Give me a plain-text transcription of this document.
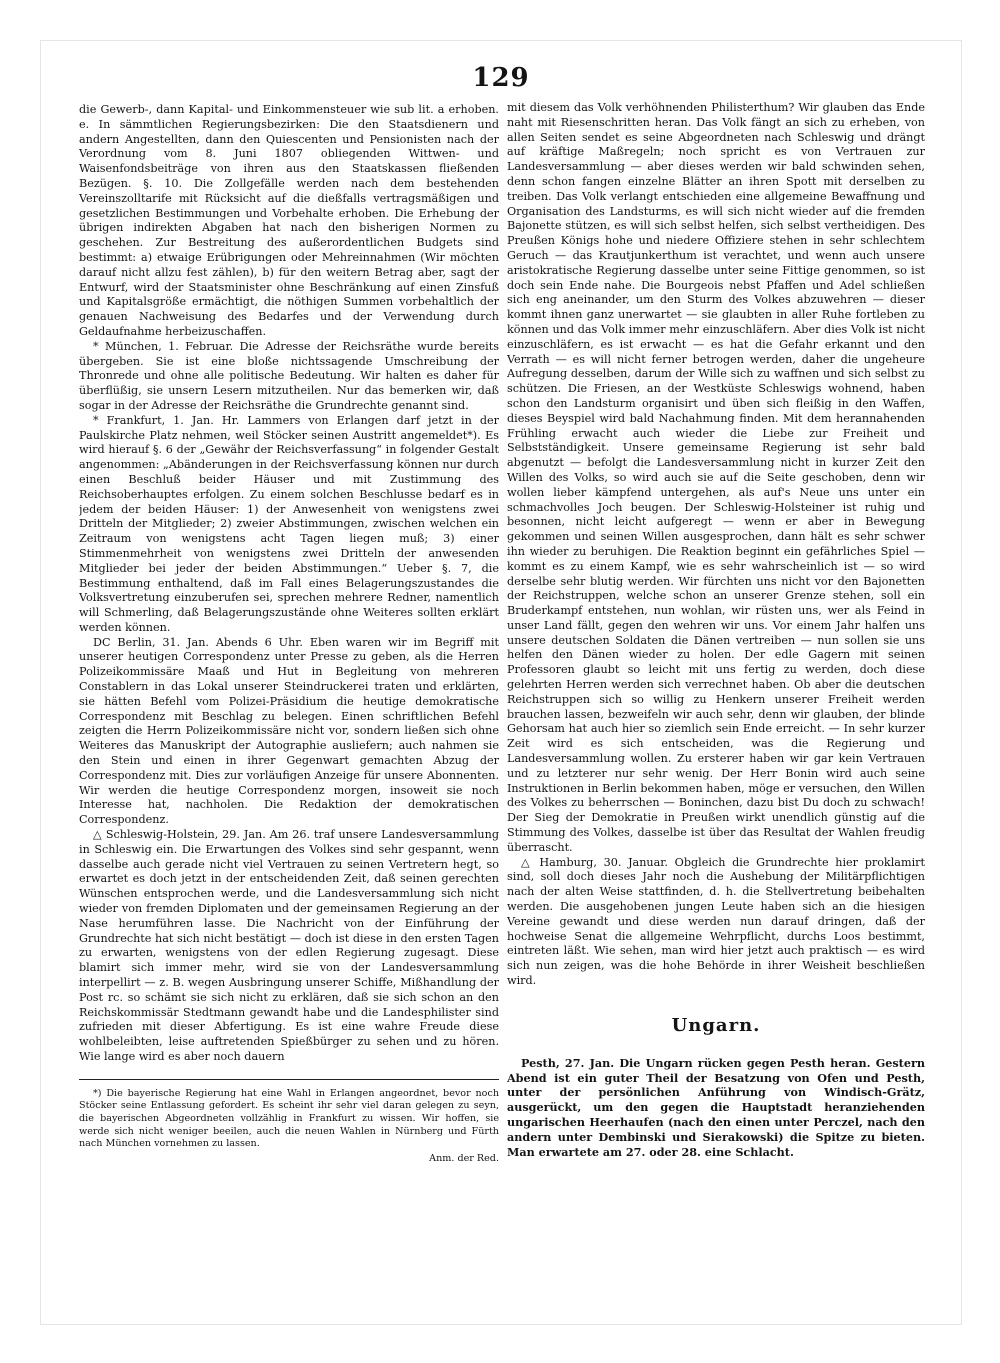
129

die Gewerb-, dann Kapital- und Einkommensteuer wie sub lit. a erhoben. e. In sämmtlichen Regierungsbezirken: Die den Staatsdienern und andern Angestellten, dann den Quiescenten und Pensionisten nach der Verordnung vom 8. Juni 1807 obliegenden Wittwen- und Waisenfondsbeiträge von ihren aus den Staatskassen fließenden Bezügen. §. 10. Die Zollgefälle werden nach dem bestehenden Vereinszolltarife mit Rücksicht auf die dießfalls vertragsmäßigen und gesetzlichen Bestimmungen und Vorbehalte erhoben. Die Erhebung der übrigen indirekten Abgaben hat nach den bisherigen Normen zu geschehen. Zur Bestreitung des außerordentlichen Budgets sind bestimmt: a) etwaige Erübrigungen oder Mehreinnahmen (Wir möchten darauf nicht allzu fest zählen), b) für den weitern Betrag aber, sagt der Entwurf, wird der Staatsminister ohne Beschränkung auf einen Zinsfuß und Kapitalsgröße ermächtigt, die nöthigen Summen vorbehaltlich der genauen Nachweisung des Bedarfes und der Verwendung durch Geldaufnahme herbeizuschaffen.

* München, 1. Februar. Die Adresse der Reichsräthe wurde bereits übergeben. Sie ist eine bloße nichtssagende Umschreibung der Thronrede und ohne alle politische Bedeutung. Wir halten es daher für überflüßig, sie unsern Lesern mitzutheilen. Nur das bemerken wir, daß sogar in der Adresse der Reichsräthe die Grundrechte genannt sind.

* Frankfurt, 1. Jan. Hr. Lammers von Erlangen darf jetzt in der Paulskirche Platz nehmen, weil Stöcker seinen Austritt angemeldet*). Es wird hierauf §. 6 der „Gewähr der Reichsverfassung“ in folgender Gestalt angenommen: „Abänderungen in der Reichsverfassung können nur durch einen Beschluß beider Häuser und mit Zustimmung des Reichsoberhauptes erfolgen. Zu einem solchen Beschlusse bedarf es in jedem der beiden Häuser: 1) der Anwesenheit von wenigstens zwei Dritteln der Mitglieder; 2) zweier Abstimmungen, zwischen welchen ein Zeitraum von wenigstens acht Tagen liegen muß; 3) einer Stimmenmehrheit von wenigstens zwei Dritteln der anwesenden Mitglieder bei jeder der beiden Abstimmungen.“ Ueber §. 7, die Bestimmung enthaltend, daß im Fall eines Belagerungszustandes die Volksvertretung einzuberufen sei, sprechen mehrere Redner, namentlich will Schmerling, daß Belagerungszustände ohne Weiteres sollten erklärt werden können.

DC Berlin, 31. Jan. Abends 6 Uhr. Eben waren wir im Begriff mit unserer heutigen Correspondenz unter Presse zu geben, als die Herren Polizeikommissäre Maaß und Hut in Begleitung von mehreren Constablern in das Lokal unserer Steindruckerei traten und erklärten, sie hätten Befehl vom Polizei-Präsidium die heutige demokratische Correspondenz mit Beschlag zu belegen. Einen schriftlichen Befehl zeigten die Herrn Polizeikommissäre nicht vor, sondern ließen sich ohne Weiteres das Manuskript der Autographie ausliefern; auch nahmen sie den Stein und einen in ihrer Gegenwart gemachten Abzug der Correspondenz mit. Dies zur vorläufigen Anzeige für unsere Abonnenten. Wir werden die heutige Correspondenz morgen, insoweit sie noch Interesse hat, nachholen. Die Redaktion der demokratischen Correspondenz.

△ Schleswig-Holstein, 29. Jan. Am 26. traf unsere Landesversammlung in Schleswig ein. Die Erwartungen des Volkes sind sehr gespannt, wenn dasselbe auch gerade nicht viel Vertrauen zu seinen Vertretern hegt, so erwartet es doch jetzt in der entscheidenden Zeit, daß seinen gerechten Wünschen entsprochen werde, und die Landesversammlung sich nicht wieder von fremden Diplomaten und der gemeinsamen Regierung an der Nase herumführen lasse. Die Nachricht von der Einführung der Grundrechte hat sich nicht bestätigt — doch ist diese in den ersten Tagen zu erwarten, wenigstens von der edlen Regierung zugesagt. Diese blamirt sich immer mehr, wird sie von der Landesversammlung interpellirt — z. B. wegen Ausbringung unserer Schiffe, Mißhandlung der Post rc. so schämt sie sich nicht zu erklären, daß sie sich schon an den Reichskommissär Stedtmann gewandt habe und die Landesphilister sind zufrieden mit dieser Abfertigung. Es ist eine wahre Freude diese wohlbeleibten, leise auftretenden Spießbürger zu sehen und zu hören. Wie lange wird es aber noch dauern

*) Die bayerische Regierung hat eine Wahl in Erlangen angeordnet, bevor noch Stöcker seine Entlassung gefordert. Es scheint ihr sehr viel daran gelegen zu seyn, die bayerischen Abgeordneten vollzählig in Frankfurt zu wissen. Wir hoffen, sie werde sich nicht weniger beeilen, auch die neuen Wahlen in Nürnberg und Fürth nach München vornehmen zu lassen.

Anm. der Red.

mit diesem das Volk verhöhnenden Philisterthum? Wir glauben das Ende naht mit Riesenschritten heran. Das Volk fängt an sich zu erheben, von allen Seiten sendet es seine Abgeordneten nach Schleswig und drängt auf kräftige Maßregeln; noch spricht es von Vertrauen zur Landesversammlung — aber dieses werden wir bald schwinden sehen, denn schon fangen einzelne Blätter an ihren Spott mit derselben zu treiben. Das Volk verlangt entschieden eine allgemeine Bewaffnung und Organisation des Landsturms, es will sich nicht wieder auf die fremden Bajonette stützen, es will sich selbst helfen, sich selbst vertheidigen. Des Preußen Königs hohe und niedere Offiziere stehen in sehr schlechtem Geruch — das Krautjunkerthum ist verachtet, und wenn auch unsere aristokratische Regierung dasselbe unter seine Fittige genommen, so ist doch sein Ende nahe. Die Bourgeois nebst Pfaffen und Adel schließen sich eng aneinander, um den Sturm des Volkes abzuwehren — dieser kommt ihnen ganz unerwartet — sie glaubten in aller Ruhe fortleben zu können und das Volk immer mehr einzuschläfern. Aber dies Volk ist nicht einzuschläfern, es ist erwacht — es hat die Gefahr erkannt und den Verrath — es will nicht ferner betrogen werden, daher die ungeheure Aufregung desselben, darum der Wille sich zu waffnen und sich selbst zu schützen. Die Friesen, an der Westküste Schleswigs wohnend, haben schon den Landsturm organisirt und üben sich fleißig in den Waffen, dieses Beyspiel wird bald Nachahmung finden. Mit dem herannahenden Frühling erwacht auch wieder die Liebe zur Freiheit und Selbstständigkeit. Unsere gemeinsame Regierung ist sehr bald abgenutzt — befolgt die Landesversammlung nicht in kurzer Zeit den Willen des Volks, so wird auch sie auf die Seite geschoben, denn wir wollen lieber kämpfend untergehen, als auf's Neue uns unter ein schmachvolles Joch beugen. Der Schleswig-Holsteiner ist ruhig und besonnen, nicht leicht aufgeregt — wenn er aber in Bewegung gekommen und seinen Willen ausgesprochen, dann hält es sehr schwer ihn wieder zu beruhigen. Die Reaktion beginnt ein gefährliches Spiel — kommt es zu einem Kampf, wie es sehr wahrscheinlich ist — so wird derselbe sehr blutig werden. Wir fürchten uns nicht vor den Bajonetten der Reichstruppen, welche schon an unserer Grenze stehen, soll ein Bruderkampf entstehen, nun wohlan, wir rüsten uns, wer als Feind in unser Land fällt, gegen den wehren wir uns. Vor einem Jahr halfen uns unsere deutschen Soldaten die Dänen vertreiben — nun sollen sie uns helfen den Dänen wieder zu holen. Der edle Gagern mit seinen Professoren glaubt so leicht mit uns fertig zu werden, doch diese gelehrten Herren werden sich verrechnet haben. Ob aber die deutschen Reichstruppen sich so willig zu Henkern unserer Freiheit werden brauchen lassen, bezweifeln wir auch sehr, denn wir glauben, der blinde Gehorsam hat auch hier so ziemlich sein Ende erreicht. — In sehr kurzer Zeit wird es sich entscheiden, was die Regierung und Landesversammlung wollen. Zu ersterer haben wir gar kein Vertrauen und zu letzterer nur sehr wenig. Der Herr Bonin wird auch seine Instruktionen in Berlin bekommen haben, möge er versuchen, den Willen des Volkes zu beherrschen — Boninchen, dazu bist Du doch zu schwach! Der Sieg der Demokratie in Preußen wirkt unendlich günstig auf die Stimmung des Volkes, dasselbe ist über das Resultat der Wahlen freudig überrascht.

△ Hamburg, 30. Januar. Obgleich die Grundrechte hier proklamirt sind, soll doch dieses Jahr noch die Aushebung der Militärpflichtigen nach der alten Weise stattfinden, d. h. die Stellvertretung beibehalten werden. Die ausgehobenen jungen Leute haben sich an die hiesigen Vereine gewandt und diese werden nun darauf dringen, daß der hochweise Senat die allgemeine Wehrpflicht, durchs Loos bestimmt, eintreten läßt. Wie sehen, man wird hier jetzt auch praktisch — es wird sich nun zeigen, was die hohe Behörde in ihrer Weisheit beschließen wird.

Ungarn.

Pesth, 27. Jan. Die Ungarn rücken gegen Pesth heran. Gestern Abend ist ein guter Theil der Besatzung von Ofen und Pesth, unter der persönlichen Anführung von Windisch-Grätz, ausgerückt, um den gegen die Hauptstadt heranziehenden ungarischen Heerhaufen (nach den einen unter Perczel, nach den andern unter Dembinski und Sierakowski) die Spitze zu bieten. Man erwartete am 27. oder 28. eine Schlacht.
